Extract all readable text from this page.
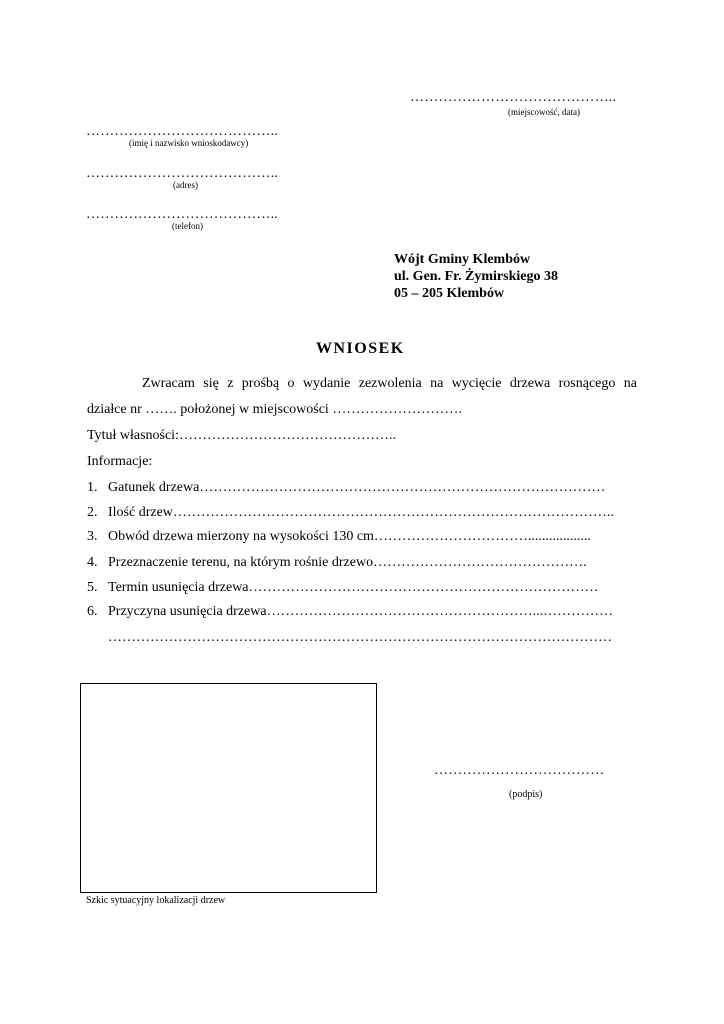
……………………………………..
(miejscowość, data)
…………………………………..
(imię i nazwisko wnioskodawcy)
…………………………………..
(adres)
…………………………………..
(telefon)
Wójt Gminy Klembów
ul. Gen. Fr. Żymirskiego 38
05 – 205 Klembów
WNIOSEK
Zwracam się z prośbą o wydanie zezwolenia na wycięcie drzewa rosnącego na
działce nr ……. położonej w miejscowości ……………………….
Tytuł własności:………………………………………..
Informacje:
1. Gatunek drzewa……………………………………………………………………………
2. Ilość drzew…………………………………………………………………………………..
3. Obwód drzewa mierzony na wysokości 130 cm……………………………..................
4. Przeznaczenie terenu, na którym rośnie drzewo……………………………………….
5. Termin usunięcia drzewa…………………………………………………………………
6. Przyczyna usunięcia drzewa…………………………………………………...……………
………………………………………………………………………………………………
Szkic sytuacyjny lokalizacji drzew
………………………………
(podpis)
